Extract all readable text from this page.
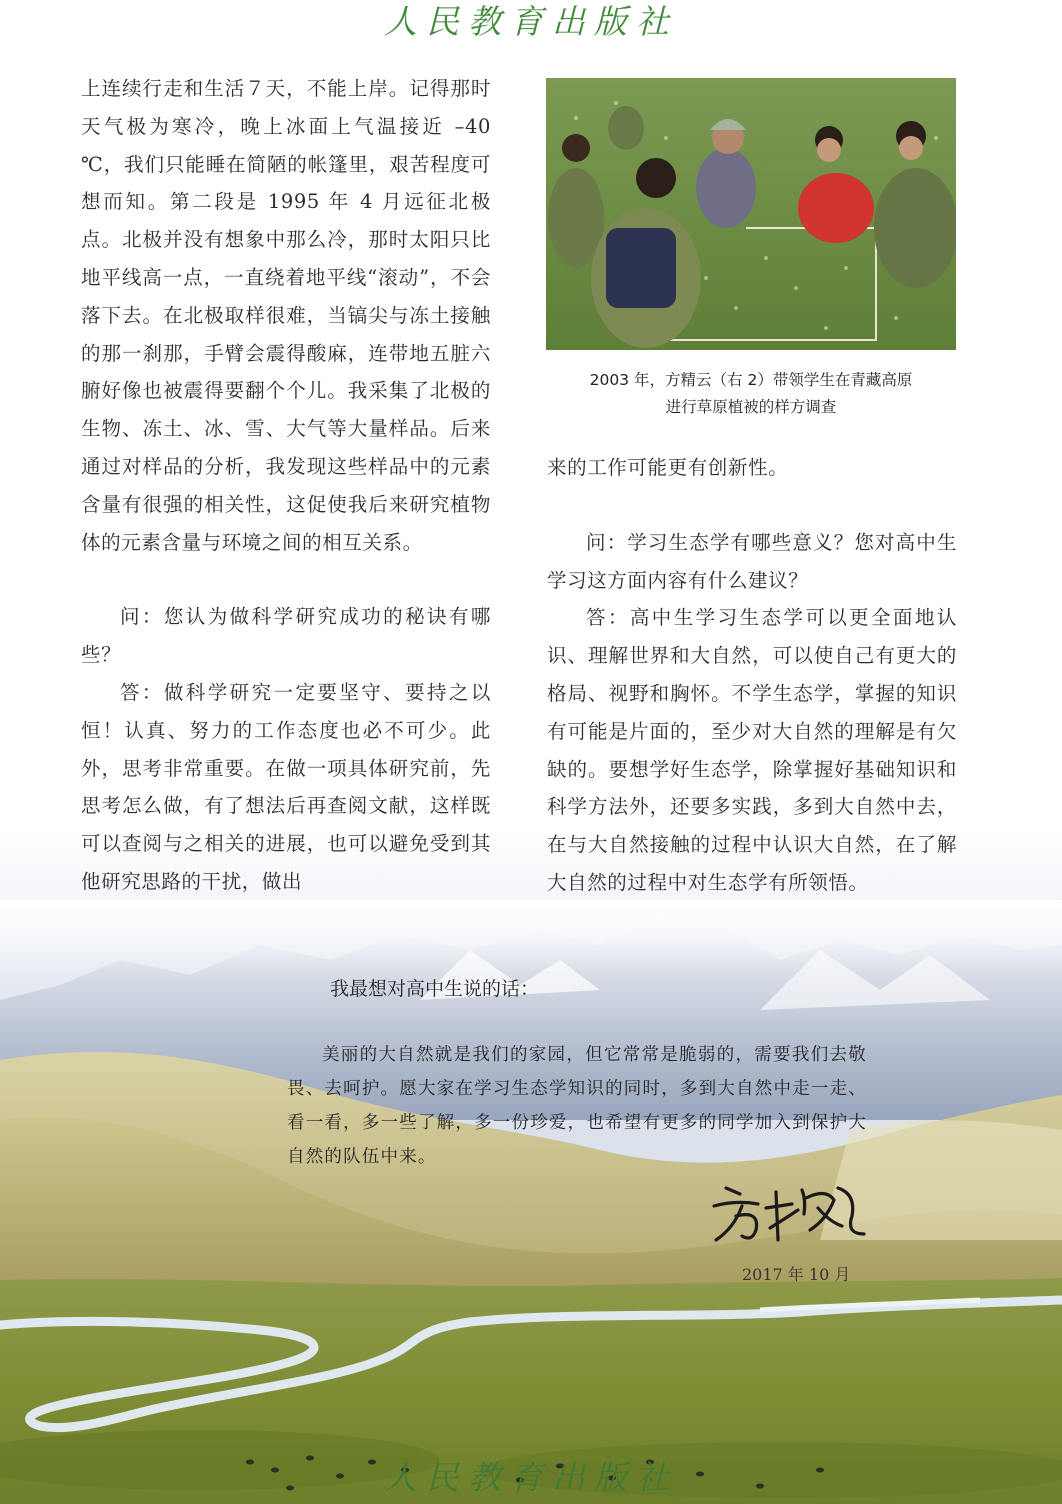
人民教育出版社

上连续行走和生活７天，不能上岸。记得那时天气极为寒冷，晚上冰面上气温接近 –40 ℃，我们只能睡在简陋的帐篷里，艰苦程度可想而知。第二段是 1995 年 4 月远征北极点。北极并没有想象中那么冷，那时太阳只比地平线高一点，一直绕着地平线“滚动”，不会落下去。在北极取样很难，当镐尖与冻土接触的那一刹那，手臂会震得酸麻，连带地五脏六腑好像也被震得要翻个个儿。我采集了北极的生物、冻土、冰、雪、大气等大量样品。后来通过对样品的分析，我发现这些样品中的元素含量有很强的相关性，这促使我后来研究植物体的元素含量与环境之间的相互关系。

问：您认为做科学研究成功的秘诀有哪些？

答：做科学研究一定要坚守、要持之以恒！认真、努力的工作态度也必不可少。此外，思考非常重要。在做一项具体研究前，先思考怎么做，有了想法后再查阅文献，这样既可以查阅与之相关的进展，也可以避免受到其他研究思路的干扰，做出

2003 年，方精云（右 2）带领学生在青藏高原
进行草原植被的样方调查

来的工作可能更有创新性。

问：学习生态学有哪些意义？您对高中生学习这方面内容有什么建议？

答：高中生学习生态学可以更全面地认识、理解世界和大自然，可以使自己有更大的格局、视野和胸怀。不学生态学，掌握的知识有可能是片面的，至少对大自然的理解是有欠缺的。要想学好生态学，除掌握好基础知识和科学方法外，还要多实践，多到大自然中去，在与大自然接触的过程中认识大自然，在了解大自然的过程中对生态学有所领悟。

我最想对高中生说的话：

美丽的大自然就是我们的家园，但它常常是脆弱的，需要我们去敬畏、去呵护。愿大家在学习生态学知识的同时，多到大自然中走一走、看一看，多一些了解，多一份珍爱，也希望有更多的同学加入到保护大自然的队伍中来。

2017 年 10 月
人民教育出版社
